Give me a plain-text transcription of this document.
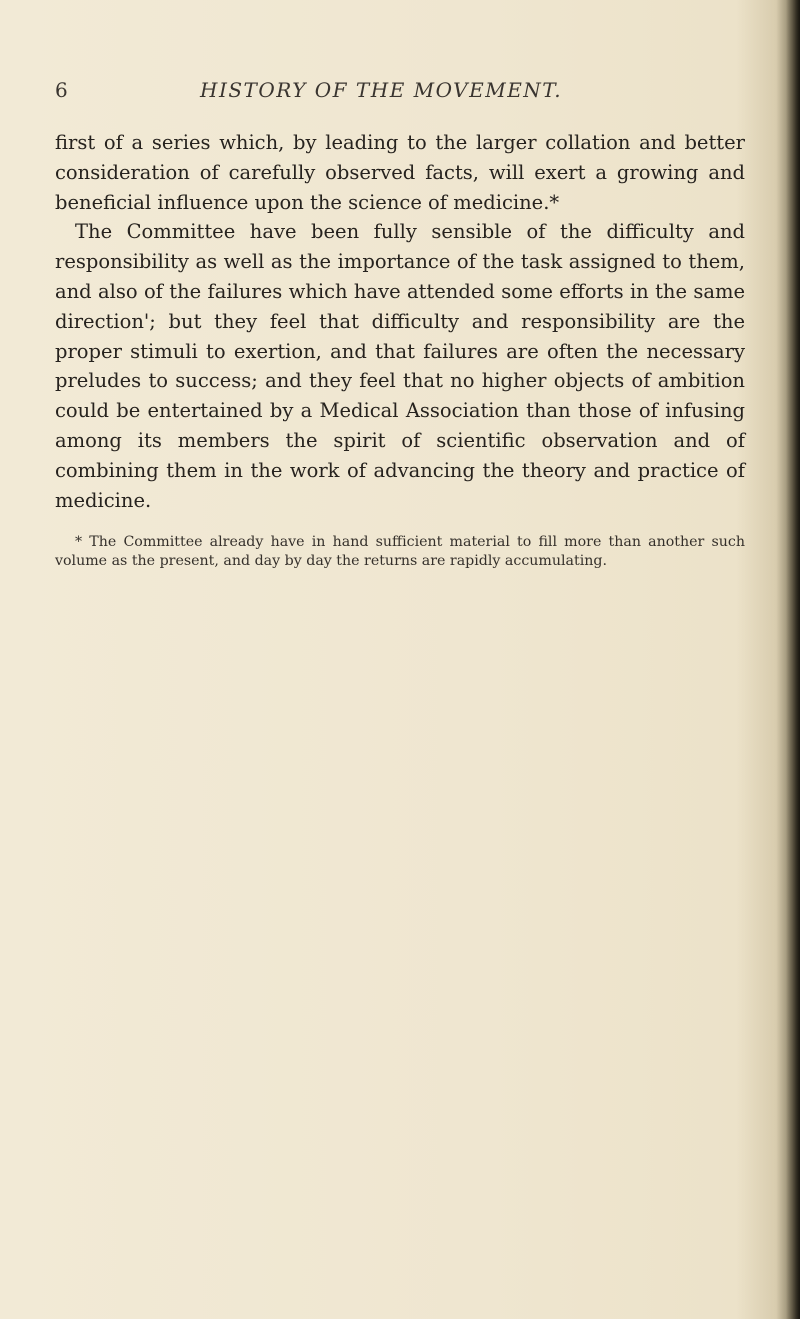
6	HISTORY OF THE MOVEMENT.

first of a series which, by leading to the larger collation and better consideration of carefully observed facts, will exert a growing and beneficial influence upon the science of medicine.*

The Committee have been fully sensible of the difficulty and responsibility as well as the importance of the task assigned to them, and also of the failures which have attended some efforts in the same direction'; but they feel that difficulty and responsibility are the proper stimuli to exertion, and that failures are often the necessary preludes to success; and they feel that no higher objects of ambition could be entertained by a Medical Association than those of infusing among its members the spirit of scientific observation and of combining them in the work of advancing the theory and practice of medicine.

* The Committee already have in hand sufficient material to fill more than another such volume as the present, and day by day the returns are rapidly accumulating.
